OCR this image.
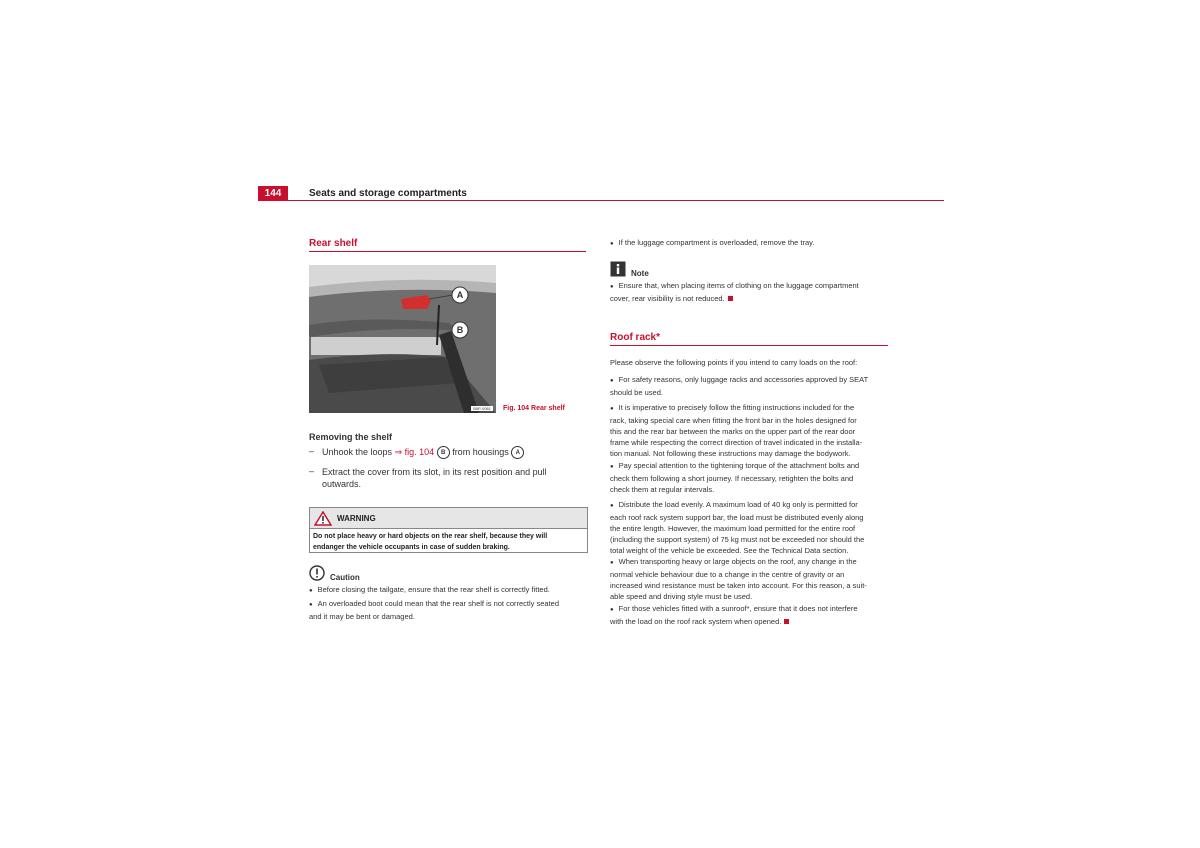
144	Seats and storage compartments
Rear shelf
A
B
B5P-0061 Fig. 104 Rear shelf
Removing the shelf
– Unhook the loops ⇒ fig. 104 B from housings A
– Extract the cover from its slot, in its rest position and pull
outwards.
WARNING
Do not place heavy or hard objects on the rear shelf, because they will
endanger the vehicle occupants in case of sudden braking.
Caution
● Before closing the tailgate, ensure that the rear shelf is correctly fitted.
● An overloaded boot could mean that the rear shelf is not correctly seated
and it may be bent or damaged.
● If the luggage compartment is overloaded, remove the tray.
Note
● Ensure that, when placing items of clothing on the luggage compartment
cover, rear visibility is not reduced.
Roof rack*
Please observe the following points if you intend to carry loads on the roof:
● For safety reasons, only luggage racks and accessories approved by SEAT
should be used.
● It is imperative to precisely follow the fitting instructions included for the
rack, taking special care when fitting the front bar in the holes designed for
this and the rear bar between the marks on the upper part of the rear door
frame while respecting the correct direction of travel indicated in the installa-
tion manual. Not following these instructions may damage the bodywork.
● Pay special attention to the tightening torque of the attachment bolts and
check them following a short journey. If necessary, retighten the bolts and
check them at regular intervals.
● Distribute the load evenly. A maximum load of 40 kg only is permitted for
each roof rack system support bar, the load must be distributed evenly along
the entire length. However, the maximum load permitted for the entire roof
(including the support system) of 75 kg must not be exceeded nor should the
total weight of the vehicle be exceeded. See the Technical Data section.
● When transporting heavy or large objects on the roof, any change in the
normal vehicle behaviour due to a change in the centre of gravity or an
increased wind resistance must be taken into account. For this reason, a suit-
able speed and driving style must be used.
● For those vehicles fitted with a sunroof*, ensure that it does not interfere
with the load on the roof rack system when opened.
